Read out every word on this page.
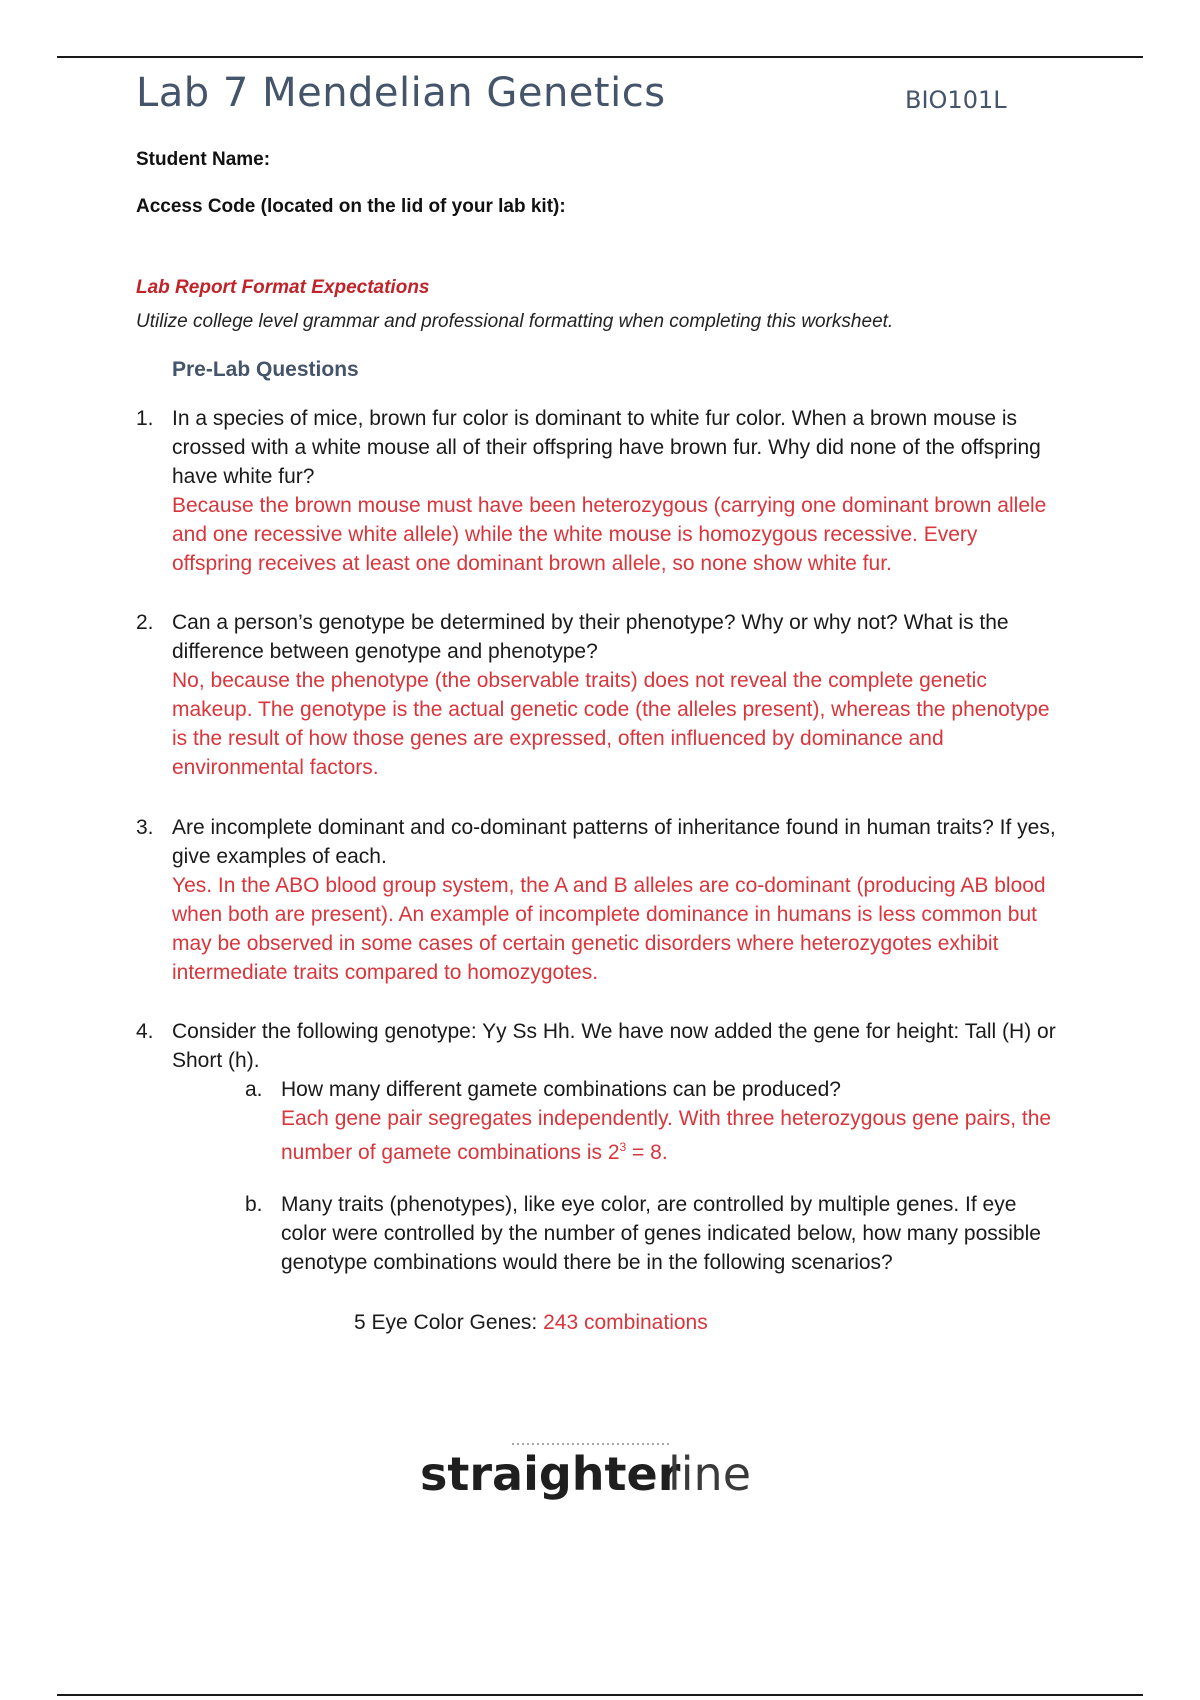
Lab 7 Mendelian Genetics	BIO101L
Student Name:
Access Code (located on the lid of your lab kit):
Lab Report Format Expectations
Utilize college level grammar and professional formatting when completing this worksheet.
Pre-Lab Questions
1. In a species of mice, brown fur color is dominant to white fur color. When a brown mouse is crossed with a white mouse all of their offspring have brown fur. Why did none of the offspring have white fur?
Because the brown mouse must have been heterozygous (carrying one dominant brown allele and one recessive white allele) while the white mouse is homozygous recessive. Every offspring receives at least one dominant brown allele, so none show white fur.
2. Can a person’s genotype be determined by their phenotype? Why or why not? What is the difference between genotype and phenotype?
No, because the phenotype (the observable traits) does not reveal the complete genetic makeup. The genotype is the actual genetic code (the alleles present), whereas the phenotype is the result of how those genes are expressed, often influenced by dominance and environmental factors.
3. Are incomplete dominant and co-dominant patterns of inheritance found in human traits? If yes, give examples of each.
Yes. In the ABO blood group system, the A and B alleles are co-dominant (producing AB blood when both are present). An example of incomplete dominance in humans is less common but may be observed in some cases of certain genetic disorders where heterozygotes exhibit intermediate traits compared to homozygotes.
4. Consider the following genotype: Yy Ss Hh. We have now added the gene for height: Tall (H) or Short (h).
a. How many different gamete combinations can be produced?
Each gene pair segregates independently. With three heterozygous gene pairs, the number of gamete combinations is $2^3 = 8$.
b. Many traits (phenotypes), like eye color, are controlled by multiple genes. If eye color were controlled by the number of genes indicated below, how many possible genotype combinations would there be in the following scenarios?
5 Eye Color Genes: 243 combinations
straighter
line
